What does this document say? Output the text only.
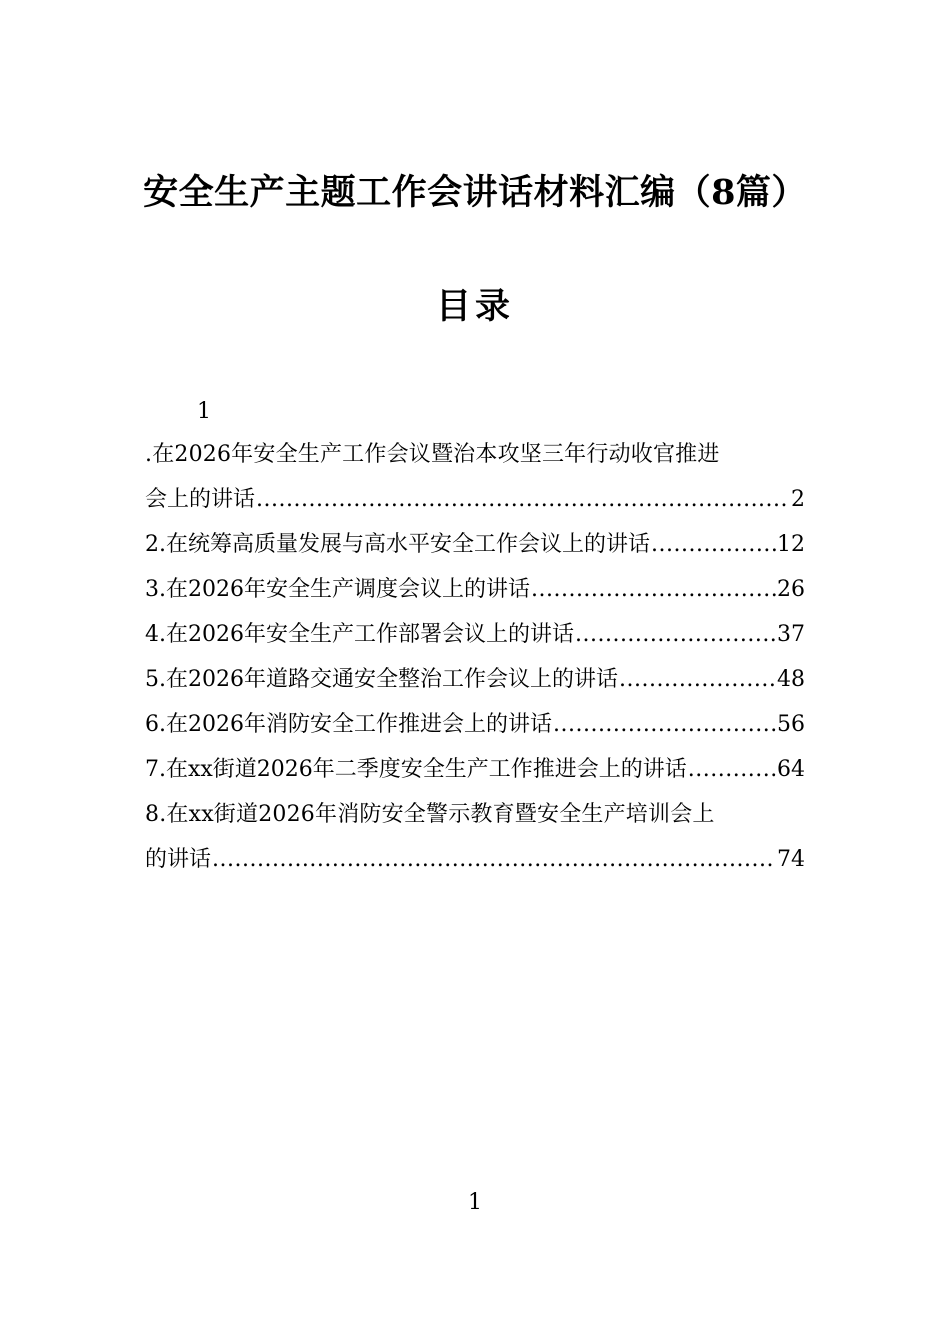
安全生产主题工作会讲话材料汇编（8篇）
目录
1
.在2026年安全生产工作会议暨治本攻坚三年行动收官推进
会上的讲话 .....	2
2.在统筹高质量发展与高水平安全工作会议上的讲话 .....	12
3.在2026年安全生产调度会议上的讲话 .....	26
4.在2026年安全生产工作部署会议上的讲话 .....	37
5.在2026年道路交通安全整治工作会议上的讲话 .....	48
6.在2026年消防安全工作推进会上的讲话 .....	56
7.在xx街道2026年二季度安全生产工作推进会上的讲话 .....	64
8.在xx街道2026年消防安全警示教育暨安全生产培训会上
的讲话 .....	74
1
